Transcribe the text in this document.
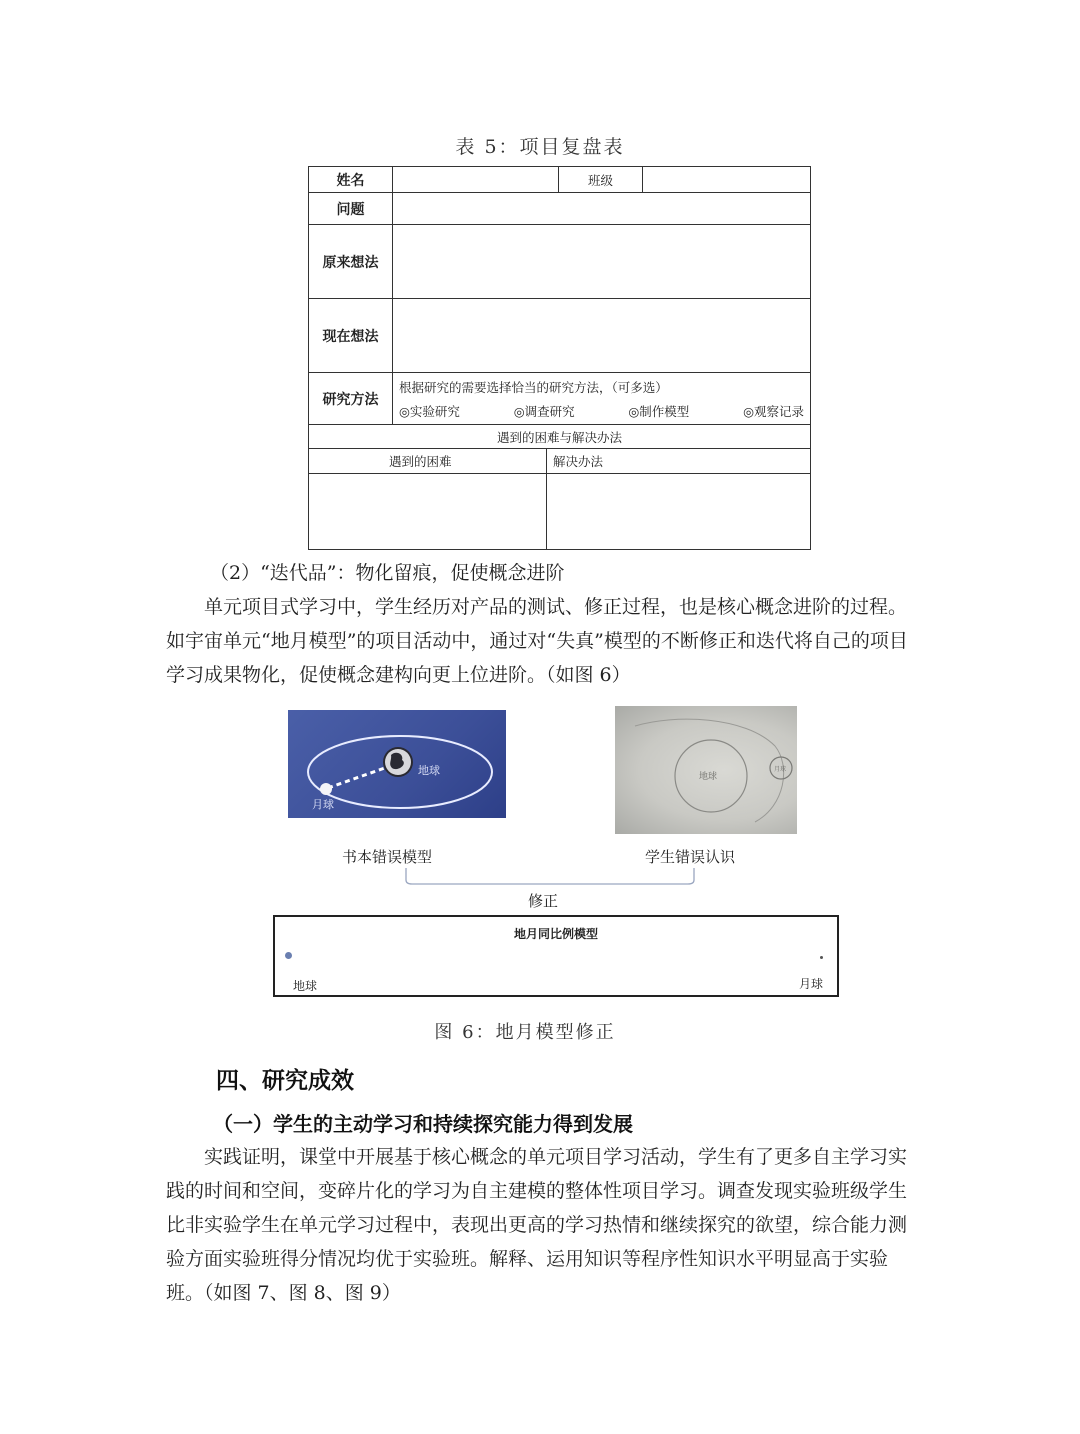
表 5：项目复盘表
姓名			班级	
问题				
原来想法				
现在想法				
研究方法	根据研究的需要选择恰当的研究方法，（可多选）
◎实验研究 ◎调查研究 ◎制作模型 ◎观察记录			

遇到的困难与解决办法				
遇到的困难		解决办法		

（2）“迭代品”：物化留痕，促使概念进阶
单元项目式学习中，学生经历对产品的测试、修正过程，也是核心概念进阶的过程。如宇宙单元“地月模型”的项目活动中，通过对“失真”模型的不断修正和迭代将自己的项目学习成果物化，促使概念建构向更上位进阶。（如图 6）
地球
月球
地球
月球
书本错误模型	学生错误认识
修正
地月同比例模型
地球	月球
图 6：地月模型修正
四、研究成效
（一）学生的主动学习和持续探究能力得到发展
实践证明，课堂中开展基于核心概念的单元项目学习活动，学生有了更多自主学习实践的时间和空间，变碎片化的学习为自主建模的整体性项目学习。调查发现实验班级学生比非实验学生在单元学习过程中，表现出更高的学习热情和继续探究的欲望，综合能力测验方面实验班得分情况均优于实验班。解释、运用知识等程序性知识水平明显高于实验班。（如图 7、图 8、图 9）
